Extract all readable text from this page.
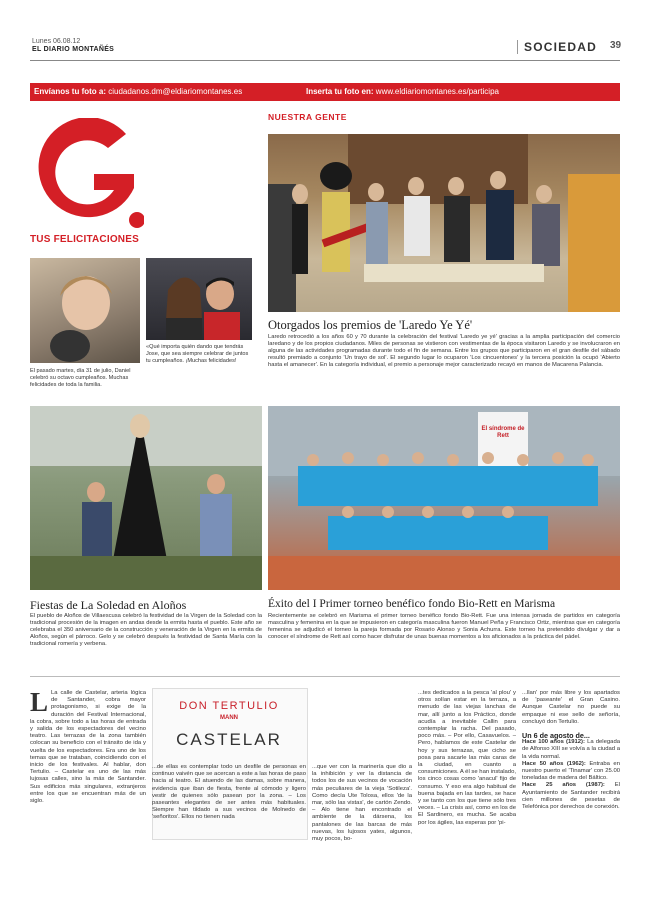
Lunes 06.08.12
EL DIARIO MONTAÑÉS	SOCIEDAD 39
Envíanos tu foto a: ciudadanos.dm@eldiariomontanes.es	Inserta tu foto en: www.eldiariomontanes.es/participa
gente
TUS FELICITACIONES
El pasado martes, día 31 de julio, Daniel celebró su octavo cumpleaños. Muchas felicidades de toda la familia.
«Qué importa quién dando que tendrás Jose, que sea siempre celebrar de juntos tu cumpleaños. ¡Muchas felicidades!
NUESTRA GENTE
Otorgados los premios de 'Laredo Ye Yé'
Laredo retrocedió a los años 60 y 70 durante la celebración del festival 'Laredo ye yé' gracias a la amplia participación del comercio laredano y de los propios ciudadanos. Miles de personas se vistieron con vestimentas de la época visitaron Laredo y se involucraron en alguna de las actividades programadas durante todo el fin de semana. Entre los grupos que participaron en el gran desfile del sábado resultó premiado a conjunto 'Un trayo de sol'. El segundo lugar lo ocuparon 'Los cincuentones' y la tercera posición la ocupó 'Abierto hasta el amanecer'. En la categoría individual, el premio a personaje mejor caracterizado recayó en manos de Macarena Palancia.
Fiestas de La Soledad en Aloños
El pueblo de Aloños de Villaescusa celebró la festividad de la Virgen de la Soledad con la tradicional procesión de la imagen en andas desde la ermita hasta el pueblo. Este año se celebraba el 350 aniversario de la construcción y veneración de la Virgen en la ermita de Aloños, según el párroco. Gelo y se celebró después la festividad de Santa María con la tradicional romería y verbena.
El síndrome de Rett
Éxito del I Primer torneo benéfico fondo Bio-Rett en Marisma
Recientemente se celebró en Marisma el primer torneo benéfico fondo Bio-Rett. Fue una intensa jornada de partidos en categoría masculina y femenina en la que se impusieron en categoría masculina fueron Manuel Peña y Francisco Ortiz, mientras que en categoría femenina se adjudicó el torneo la pareja formada por Rosario Alonso y Sonia Achurra. Este torneo ha pretendido divulgar y dar a conocer el síndrome de Rett así como hacer disfrutar de unas buenas momentos a los aficionados a la práctica del pádel.
L La calle de Castelar, arteria lógica de Santander, cobra mayor protagonismo, si exige de la duración del Festival Internacional, la cobra, sobre todo a las horas de entrada y salida de los espectadores del vecino teatro. Las terrazas de la zona también colocan su beneficio con el tránsito de ida y vuelta de los espectadores. Era uno de los temas que se trataban, coincidiendo con el inicio de los festivales. Al hablar, don Tertulio. – Castelar es uno de las más lujosas calles, sino la más de Santander. Sus edificios más singulares, extranjeros entre los que se encuentran más de un siglo.
DON TERTULIO
MANN
CASTELAR
...de ellas es contemplar todo un desfile de personas en continuo vaivén que se acercan a este a las horas de paso hacia al teatro. El atuendo de las damas, sobre manera, evidencia que iban de fiesta, frente al cómodo y ligero vestir de quienes sólo pasean por la zona. – Los paseantes elegantes de ser antes más habituales. Siempre han tildado a sus vecinos de Molnedo de 'señoritos'. Ellos no tienen nada
...que ver con la marinería que dio a la inhibición y ver la distancia de todos los de sus vecinos de vocación más peculiares de la vieja 'Sotileza'. Como decía Ute Tolosa, ellos 'de la mar, sólo las vistas', de cartón Zendo. – Alo tiene han encontrado el ambiente de la dársena, los pantalones de las barcas de más nuevas, los lujosos yates, algunos, muy pocos, bo-
...tes dedicados a la pesca 'al plou' y otros solían estar en la terraza, a menudo de las viejas lanchas de mar, allí junto a los Práctico, donde acudía a inevitable Callin para contemplar la racha. Del pasado, poco más. – Por ello, Casavuelos. – Pero, hablamos de este Castelar de hoy y sus terrazas, que cicho se posa para sacarle las más caras de la ciudad, en cuanto a consumiciones. A él se han instalado, los cinco cosas como 'anacul' fijo de consumo. Y eso era algo habitual de buena bajada en las tardes, se hace y se tanto con los que tiene sólo tres veces. – La crisis así, como en los de El Sardinero, es mucha. Se acaba por los ágiles, las esperas por 'pi-
...llan' por más libre y los apartados de 'paseante' el Gran Casino. Aunque Castelar no puede su empaque ni ese sello de señoría, concluyó don Tertulio.
Un 6 de agosto de...
Hace 100 años (1912): La delegada de Alfonso XIII se volvía a la ciudad a la vida normal.
Hace 50 años (1962): Entraba en nuestro puerto el 'Tinamar' con 25.00 toneladas de madera del Báltico.
Hace 25 años (1987): El Ayuntamiento de Santander recibirá cien millones de pesetas de Telefónica por derechos de conexión.
